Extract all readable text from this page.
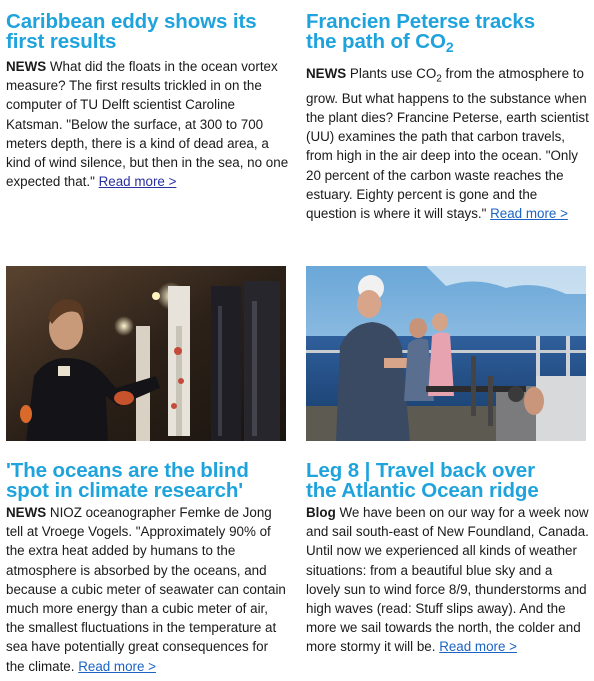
Caribbean eddy shows its
first results

NEWS What did the floats in the ocean vortex measure? The first results trickled in on the computer of TU Delft scientist Caroline Katsman. "Below the surface, at 300 to 700 meters depth, there is a kind of dead area, a kind of wind silence, but then in the sea, no one expected that." Read more >

Francien Peterse tracks
the path of $CO_2$

NEWS Plants use $CO_2$ from the atmosphere to grow. But what happens to the substance when the plant dies? Francine Peterse, earth scientist (UU) examines the path that carbon travels, from high in the air deep into the ocean. "Only 20 percent of the carbon waste reaches the estuary. Eighty percent is gone and the question is where it will stays." Read more >

'The oceans are the blind
spot in climate research'

NEWS NIOZ oceanographer Femke de Jong tell at Vroege Vogels. "Approximately 90% of the extra heat added by humans to the atmosphere is absorbed by the oceans, and because a cubic meter of seawater can contain much more energy than a cubic meter of air, the smallest fluctuations in the temperature at sea have potentially great consequences for the climate. Read more >

Leg 8 | Travel back over
the Atlantic Ocean ridge

Blog We have been on our way for a week now and sail south-east of New Foundland, Canada. Until now we experienced all kinds of weather situations: from a beautiful blue sky and a lovely sun to wind force 8/9, thunderstorms and high waves (read: Stuff slips away). And the more we sail towards the north, the colder and more stormy it will be. Read more >
